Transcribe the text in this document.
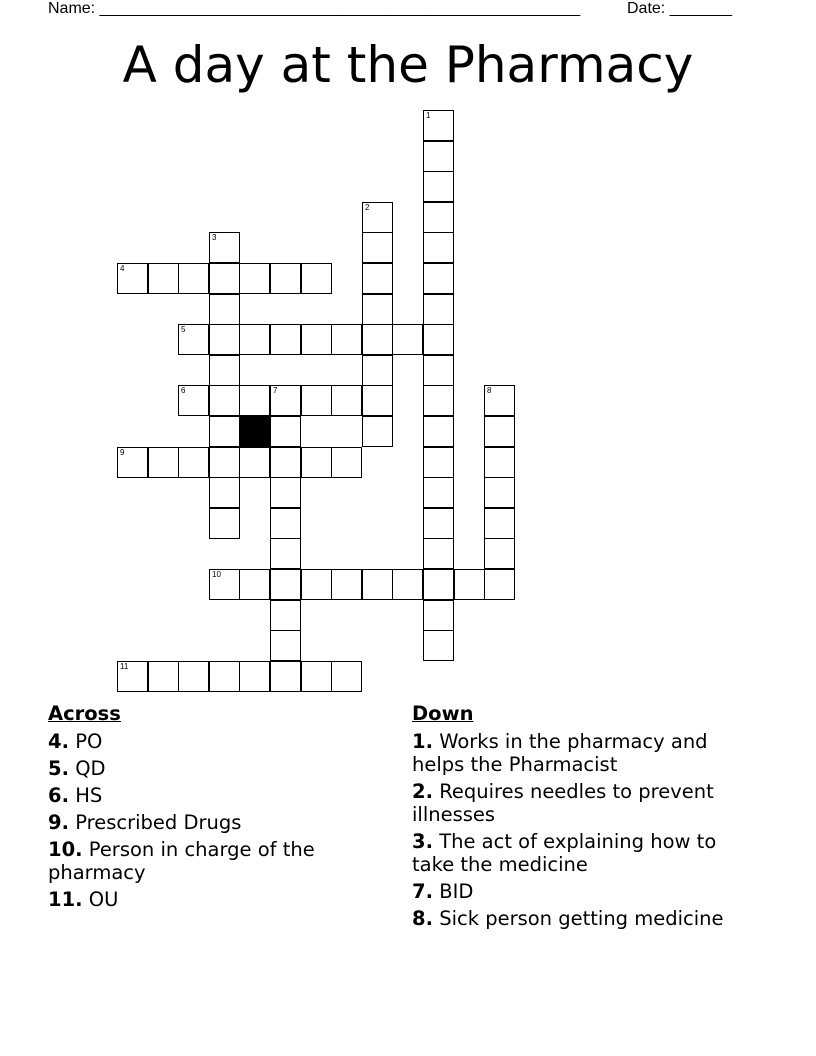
Name: ______________________________________________________	Date: _______
A day at the Pharmacy
1
2
3
4
5
6	7	8
9
10
11
Across
4. PO
5. QD
6. HS
9. Prescribed Drugs
10. Person in charge of the pharmacy
11. OU
Down
1. Works in the pharmacy and helps the Pharmacist
2. Requires needles to prevent illnesses
3. The act of explaining how to take the medicine
7. BID
8. Sick person getting medicine
